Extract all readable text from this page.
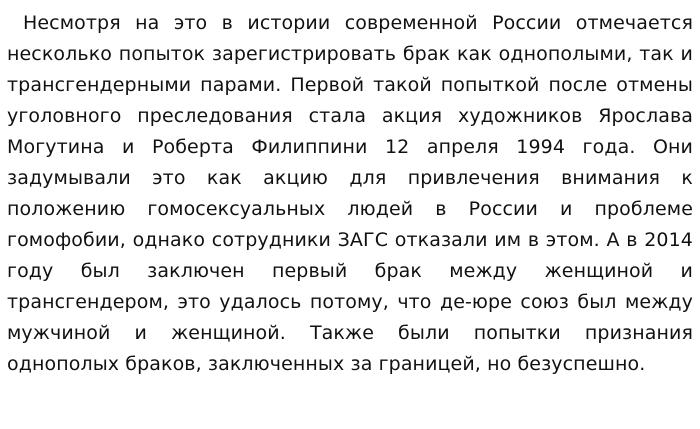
Несмотря на это в истории современной России отмечается несколько попыток зарегистрировать брак как однополыми, так и трансгендерными парами. Первой такой попыткой после отмены уголовного преследования стала акция художников Ярослава Могутина и Роберта Филиппини 12 апреля 1994 года. Они задумывали это как акцию для привлечения внимания к положению гомосексуальных людей в России и проблеме гомофобии, однако сотрудники ЗАГС отказали им в этом. А в 2014 году был заключен первый брак между женщиной и трансгендером, это удалось потому, что де-юре союз был между мужчиной и женщиной. Также были попытки признания однополых браков, заключенных за границей, но безуспешно.
